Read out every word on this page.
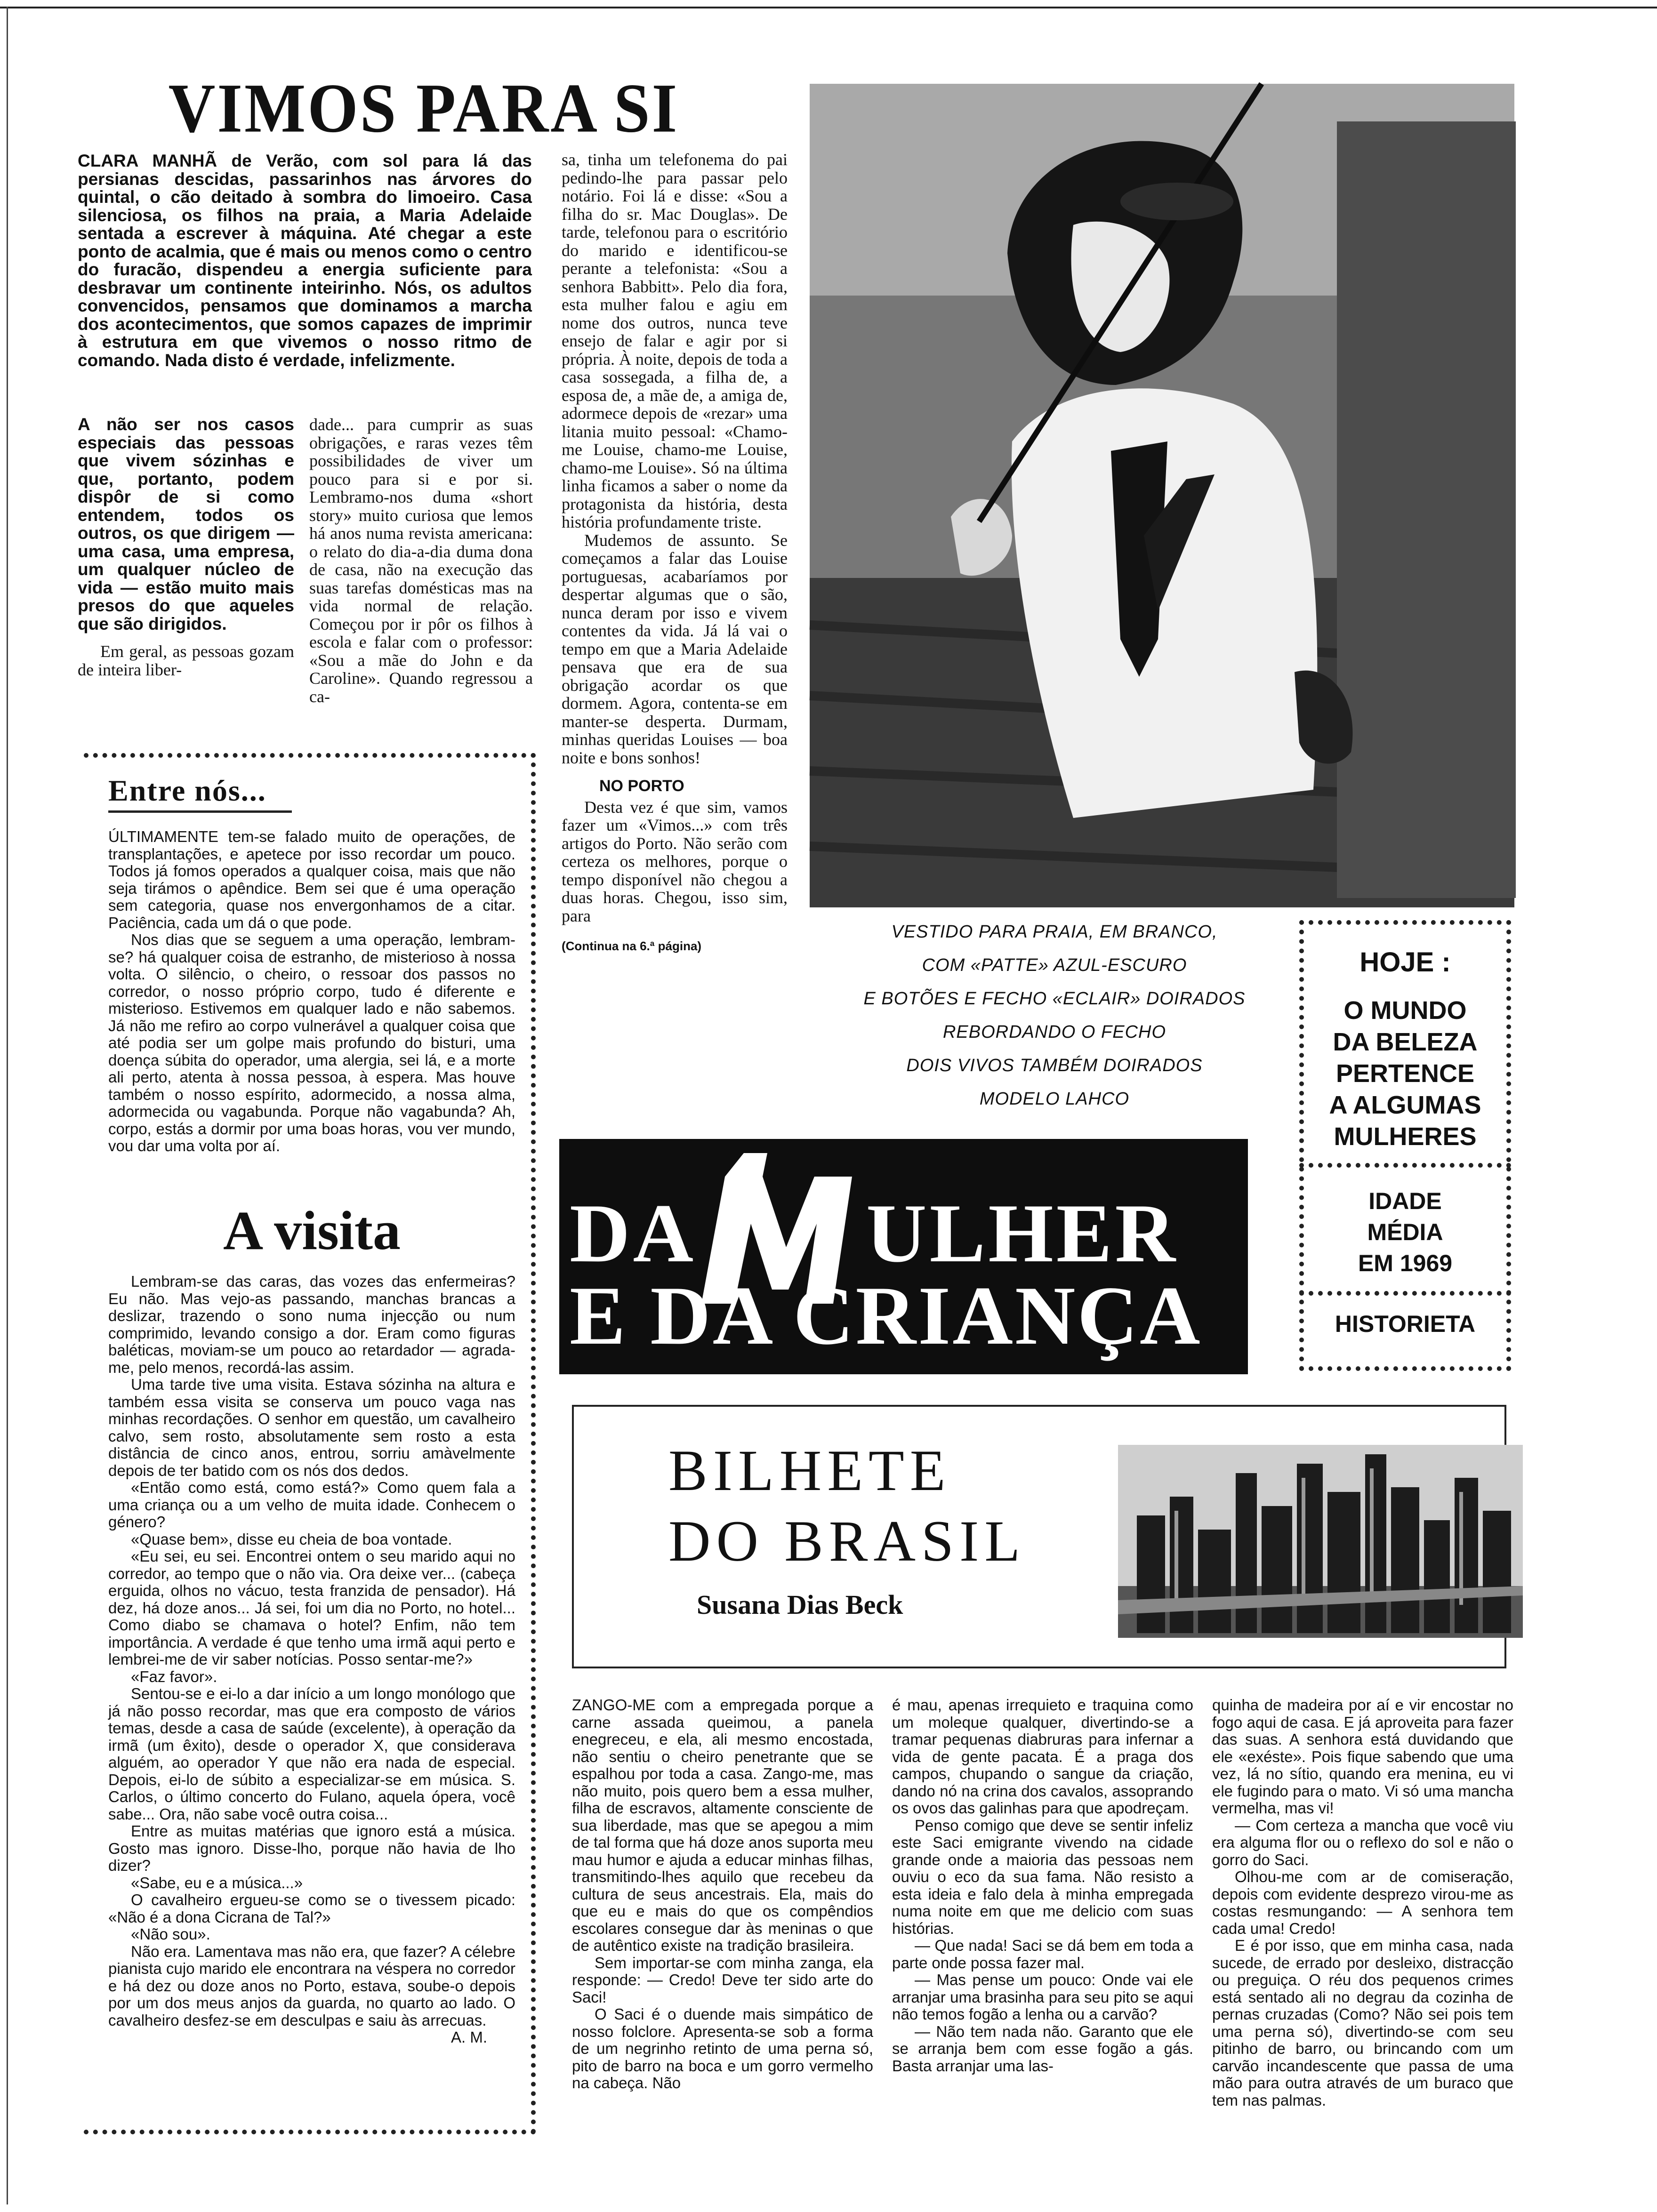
VIMOS PARA SI

CLARA MANHÃ de Verão, com sol para lá das persianas descidas, passarinhos nas árvores do quintal, o cão deitado à sombra do limoeiro. Casa silenciosa, os filhos na praia, a Maria Adelaide sentada a escrever à máquina. Até chegar a este ponto de acalmia, que é mais ou menos como o centro do furacão, dispendeu a energia suficiente para desbravar um continente inteirinho. Nós, os adultos convencidos, pensamos que dominamos a marcha dos acontecimentos, que somos capazes de imprimir à estrutura em que vivemos o nosso ritmo de comando. Nada disto é verdade, infelizmente.

A não ser nos casos especiais das pessoas que vivem sózinhas e que, portanto, podem dispôr de si como entendem, todos os outros, os que dirigem — uma casa, uma empresa, um qualquer núcleo de vida — estão muito mais presos do que aqueles que são dirigidos.

Em geral, as pessoas gozam de inteira liber-

dade... para cumprir as suas obrigações, e raras vezes têm possibilidades de viver um pouco para si e por si. Lembramo-nos duma «short story» muito curiosa que lemos há anos numa revista americana: o relato do dia-a-dia duma dona de casa, não na execução das suas tarefas domésticas mas na vida normal de relação. Começou por ir pôr os filhos à escola e falar com o professor: «Sou a mãe do John e da Caroline». Quando regressou a ca-

sa, tinha um telefonema do pai pedindo-lhe para passar pelo notário. Foi lá e disse: «Sou a filha do sr. Mac Douglas». De tarde, telefonou para o escritório do marido e identificou-se perante a telefonista: «Sou a senhora Babbitt». Pelo dia fora, esta mulher falou e agiu em nome dos outros, nunca teve ensejo de falar e agir por si própria. À noite, depois de toda a casa sossegada, a filha de, a esposa de, a mãe de, a amiga de, adormece depois de «rezar» uma litania muito pessoal: «Chamo-me Louise, chamo-me Louise, chamo-me Louise». Só na última linha ficamos a saber o nome da protagonista da história, desta história profundamente triste.

Mudemos de assunto. Se começamos a falar das Louise portuguesas, acabaríamos por despertar algumas que o são, nunca deram por isso e vivem contentes da vida. Já lá vai o tempo em que a Maria Adelaide pensava que era de sua obrigação acordar os que dormem. Agora, contenta-se em manter-se desperta. Durmam, minhas queridas Louises — boa noite e bons sonhos!

NO PORTO

Desta vez é que sim, vamos fazer um «Vimos...» com três artigos do Porto. Não serão com certeza os melhores, porque o tempo disponível não chegou a duas horas. Chegou, isso sim, para

(Continua na 6.ª página)
VESTIDO PARA PRAIA, EM BRANCO,
COM «PATTE» AZUL-ESCURO
E BOTÕES E FECHO «ECLAIR» DOIRADOS
REBORDANDO O FECHO
DOIS VIVOS TAMBÉM DOIRADOS
MODELO LAHCO
HOJE :
O MUNDO
DA BELEZA
PERTENCE
A ALGUMAS
MULHERES
IDADE
MÉDIA
EM 1969
HISTORIETA
Entre nós...

ÚLTIMAMENTE tem-se falado muito de operações, de transplantações, e apetece por isso recordar um pouco. Todos já fomos operados a qualquer coisa, mais que não seja tirámos o apêndice. Bem sei que é uma operação sem categoria, quase nos envergonhamos de a citar. Paciência, cada um dá o que pode.

Nos dias que se seguem a uma operação, lembram-se? há qualquer coisa de estranho, de misterioso à nossa volta. O silêncio, o cheiro, o ressoar dos passos no corredor, o nosso próprio corpo, tudo é diferente e misterioso. Estivemos em qualquer lado e não sabemos. Já não me refiro ao corpo vulnerável a qualquer coisa que até podia ser um golpe mais profundo do bisturi, uma doença súbita do operador, uma alergia, sei lá, e a morte ali perto, atenta à nossa pessoa, à espera. Mas houve também o nosso espírito, adormecido, a nossa alma, adormecida ou vagabunda. Porque não vagabunda? Ah, corpo, estás a dormir por uma boas horas, vou ver mundo, vou dar uma volta por aí.

A visita

Lembram-se das caras, das vozes das enfermeiras? Eu não. Mas vejo-as passando, manchas brancas a deslizar, trazendo o sono numa injecção ou num comprimido, levando consigo a dor. Eram como figuras baléticas, moviam-se um pouco ao retardador — agrada-me, pelo menos, recordá-las assim.

Uma tarde tive uma visita. Estava sózinha na altura e também essa visita se conserva um pouco vaga nas minhas recordações. O senhor em questão, um cavalheiro calvo, sem rosto, absolutamente sem rosto a esta distância de cinco anos, entrou, sorriu amàvelmente depois de ter batido com os nós dos dedos.

«Então como está, como está?» Como quem fala a uma criança ou a um velho de muita idade. Conhecem o género?

«Quase bem», disse eu cheia de boa vontade.

«Eu sei, eu sei. Encontrei ontem o seu marido aqui no corredor, ao tempo que o não via. Ora deixe ver... (cabeça erguida, olhos no vácuo, testa franzida de pensador). Há dez, há doze anos... Já sei, foi um dia no Porto, no hotel... Como diabo se chamava o hotel? Enfim, não tem importância. A verdade é que tenho uma irmã aqui perto e lembrei-me de vir saber notícias. Posso sentar-me?»

«Faz favor».

Sentou-se e ei-lo a dar início a um longo monólogo que já não posso recordar, mas que era composto de vários temas, desde a casa de saúde (excelente), à operação da irmã (um êxito), desde o operador X, que considerava alguém, ao operador Y que não era nada de especial. Depois, ei-lo de súbito a especializar-se em música. S. Carlos, o último concerto do Fulano, aquela ópera, você sabe... Ora, não sabe você outra coisa...

Entre as muitas matérias que ignoro está a música. Gosto mas ignoro. Disse-lho, porque não havia de lho dizer?

«Sabe, eu e a música...»

O cavalheiro ergueu-se como se o tivessem picado: «Não é a dona Cicrana de Tal?»

«Não sou».

Não era. Lamentava mas não era, que fazer? A célebre pianista cujo marido ele encontrara na véspera no corredor e há dez ou doze anos no Porto, estava, soube-o depois por um dos meus anjos da guarda, no quarto ao lado. O cavalheiro desfez-se em desculpas e saiu às arrecuas.

A. M.
DA ULHER
E DA CRIANÇA
BILHETE
DO BRASIL
Susana Dias Beck

ZANGO-ME com a empregada porque a carne assada queimou, a panela enegreceu, e ela, ali mesmo encostada, não sentiu o cheiro penetrante que se espalhou por toda a casa. Zango-me, mas não muito, pois quero bem a essa mulher, filha de escravos, altamente consciente de sua liberdade, mas que se apegou a mim de tal forma que há doze anos suporta meu mau humor e ajuda a educar minhas filhas, transmitindo-lhes aquilo que recebeu da cultura de seus ancestrais. Ela, mais do que eu e mais do que os compêndios escolares consegue dar às meninas o que de autêntico existe na tradição brasileira.

Sem importar-se com minha zanga, ela responde: — Credo! Deve ter sido arte do Saci!

O Saci é o duende mais simpático de nosso folclore. Apresenta-se sob a forma de um negrinho retinto de uma perna só, pito de barro na boca e um gorro vermelho na cabeça. Não

é mau, apenas irrequieto e traquina como um moleque qualquer, divertindo-se a tramar pequenas diabruras para infernar a vida de gente pacata. É a praga dos campos, chupando o sangue da criação, dando nó na crina dos cavalos, assoprando os ovos das galinhas para que apodreçam.

Penso comigo que deve se sentir infeliz este Saci emigrante vivendo na cidade grande onde a maioria das pessoas nem ouviu o eco da sua fama. Não resisto a esta ideia e falo dela à minha empregada numa noite em que me delicio com suas histórias.

— Que nada! Saci se dá bem em toda a parte onde possa fazer mal.

— Mas pense um pouco: Onde vai ele arranjar uma brasinha para seu pito se aqui não temos fogão a lenha ou a carvão?

— Não tem nada não. Garanto que ele se arranja bem com esse fogão a gás. Basta arranjar uma las-

quinha de madeira por aí e vir encostar no fogo aqui de casa. E já aproveita para fazer das suas. A senhora está duvidando que ele «exéste». Pois fique sabendo que uma vez, lá no sítio, quando era menina, eu vi ele fugindo para o mato. Vi só uma mancha vermelha, mas vi!

— Com certeza a mancha que você viu era alguma flor ou o reflexo do sol e não o gorro do Saci.

Olhou-me com ar de comiseração, depois com evidente desprezo virou-me as costas resmungando: — A senhora tem cada uma! Credo!

E é por isso, que em minha casa, nada sucede, de errado por desleixo, distracção ou preguiça. O réu dos pequenos crimes está sentado ali no degrau da cozinha de pernas cruzadas (Como? Não sei pois tem uma perna só), divertindo-se com seu pitinho de barro, ou brincando com um carvão incandescente que passa de uma mão para outra através de um buraco que tem nas palmas.
